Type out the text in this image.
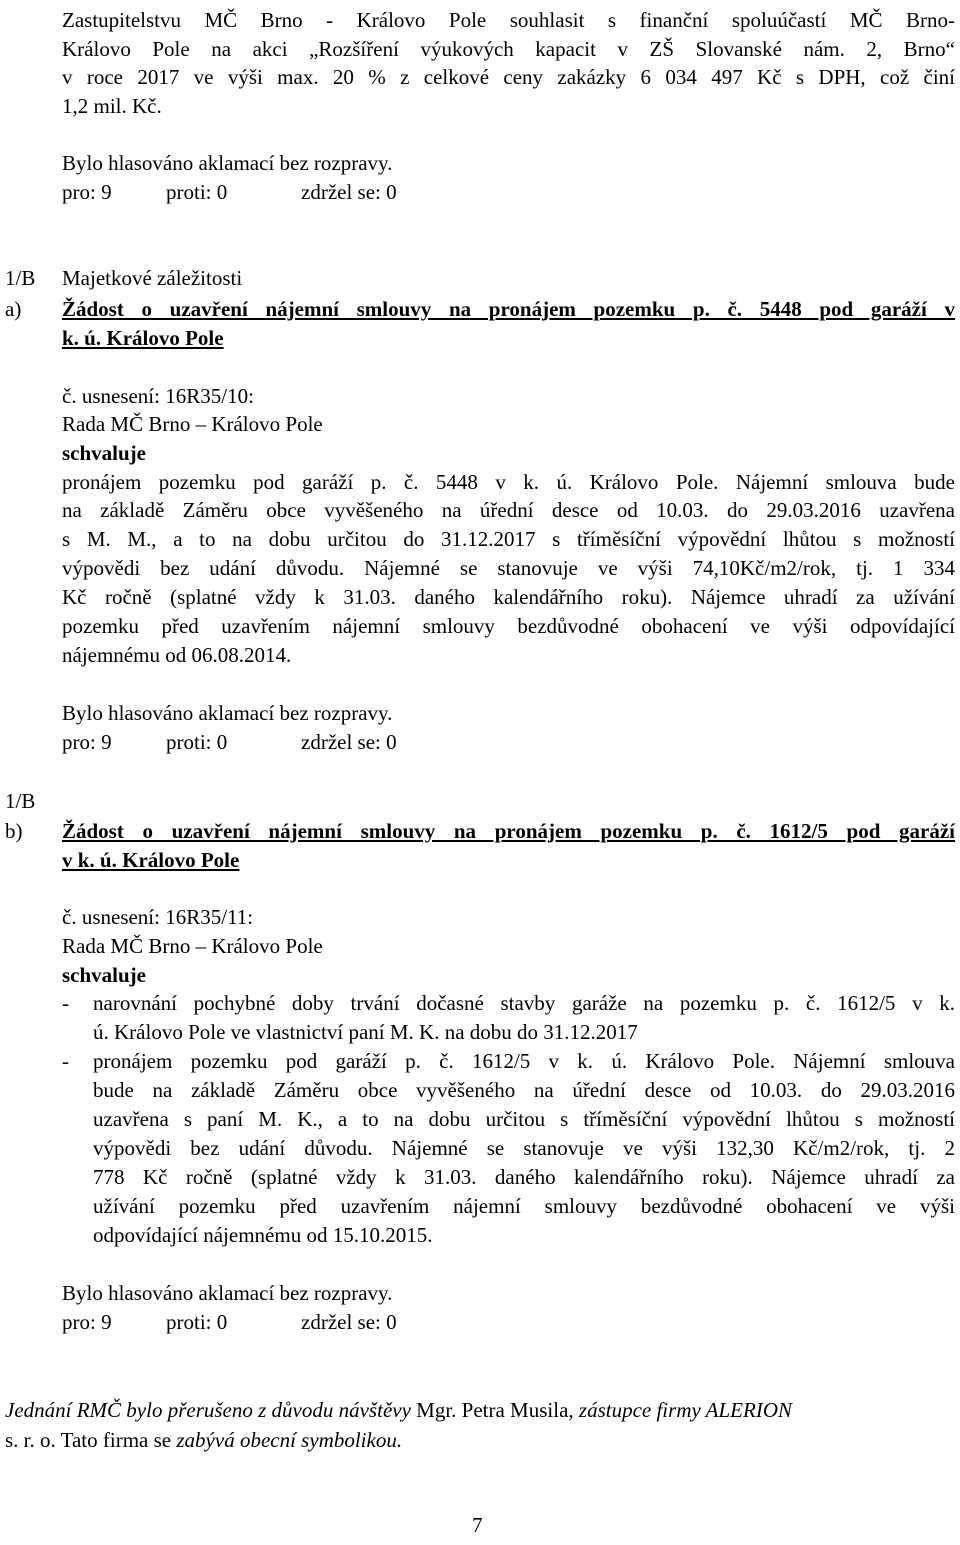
Zastupitelstvu MČ Brno - Královo Pole souhlasit s finanční spoluúčastí MČ Brno-
Královo Pole na akci „Rozšíření výukových kapacit v ZŠ Slovanské nám. 2, Brno“
v roce 2017 ve výši max. 20 % z celkové ceny zakázky 6 034 497 Kč s DPH, což činí
1,2 mil. Kč.
Bylo hlasováno aklamací bez rozpravy.
pro: 9	proti: 0	zdržel se: 0
1/B Majetkové záležitosti
a) Žádost o uzavření nájemní smlouvy na pronájem pozemku p. č. 5448 pod garáží v
k. ú. Královo Pole
č. usnesení: 16R35/10:
Rada MČ Brno – Královo Pole
schvaluje
pronájem pozemku pod garáží p. č. 5448 v k. ú. Královo Pole. Nájemní smlouva bude
na základě Záměru obce vyvěšeného na úřední desce od 10.03. do 29.03.2016 uzavřena
s M. M., a to na dobu určitou do 31.12.2017 s tříměsíční výpovědní lhůtou s možností
výpovědi bez udání důvodu. Nájemné se stanovuje ve výši 74,10Kč/m2/rok, tj. 1 334
Kč ročně (splatné vždy k 31.03. daného kalendářního roku). Nájemce uhradí za užívání
pozemku před uzavřením nájemní smlouvy bezdůvodné obohacení ve výši odpovídající
nájemnému od 06.08.2014.
Bylo hlasováno aklamací bez rozpravy.
pro: 9	proti: 0	zdržel se: 0
1/B
b) Žádost o uzavření nájemní smlouvy na pronájem pozemku p. č. 1612/5 pod garáží
v k. ú. Královo Pole
č. usnesení: 16R35/11:
Rada MČ Brno – Královo Pole
schvaluje
- narovnání pochybné doby trvání dočasné stavby garáže na pozemku p. č. 1612/5 v k.
ú. Královo Pole ve vlastnictví paní M. K. na dobu do 31.12.2017
- pronájem pozemku pod garáží p. č. 1612/5 v k. ú. Královo Pole. Nájemní smlouva
bude na základě Záměru obce vyvěšeného na úřední desce od 10.03. do 29.03.2016
uzavřena s paní M. K., a to na dobu určitou s tříměsíční výpovědní lhůtou s možností
výpovědi bez udání důvodu. Nájemné se stanovuje ve výši 132,30 Kč/m2/rok, tj. 2
778 Kč ročně (splatné vždy k 31.03. daného kalendářního roku). Nájemce uhradí za
užívání pozemku před uzavřením nájemní smlouvy bezdůvodné obohacení ve výši
odpovídající nájemnému od 15.10.2015.
Bylo hlasováno aklamací bez rozpravy.
pro: 9	proti: 0	zdržel se: 0
Jednání RMČ bylo přerušeno z důvodu návštěvy Mgr. Petra Musila, zástupce firmy ALERION
s. r. o. Tato firma se zabývá obecní symbolikou.
7
